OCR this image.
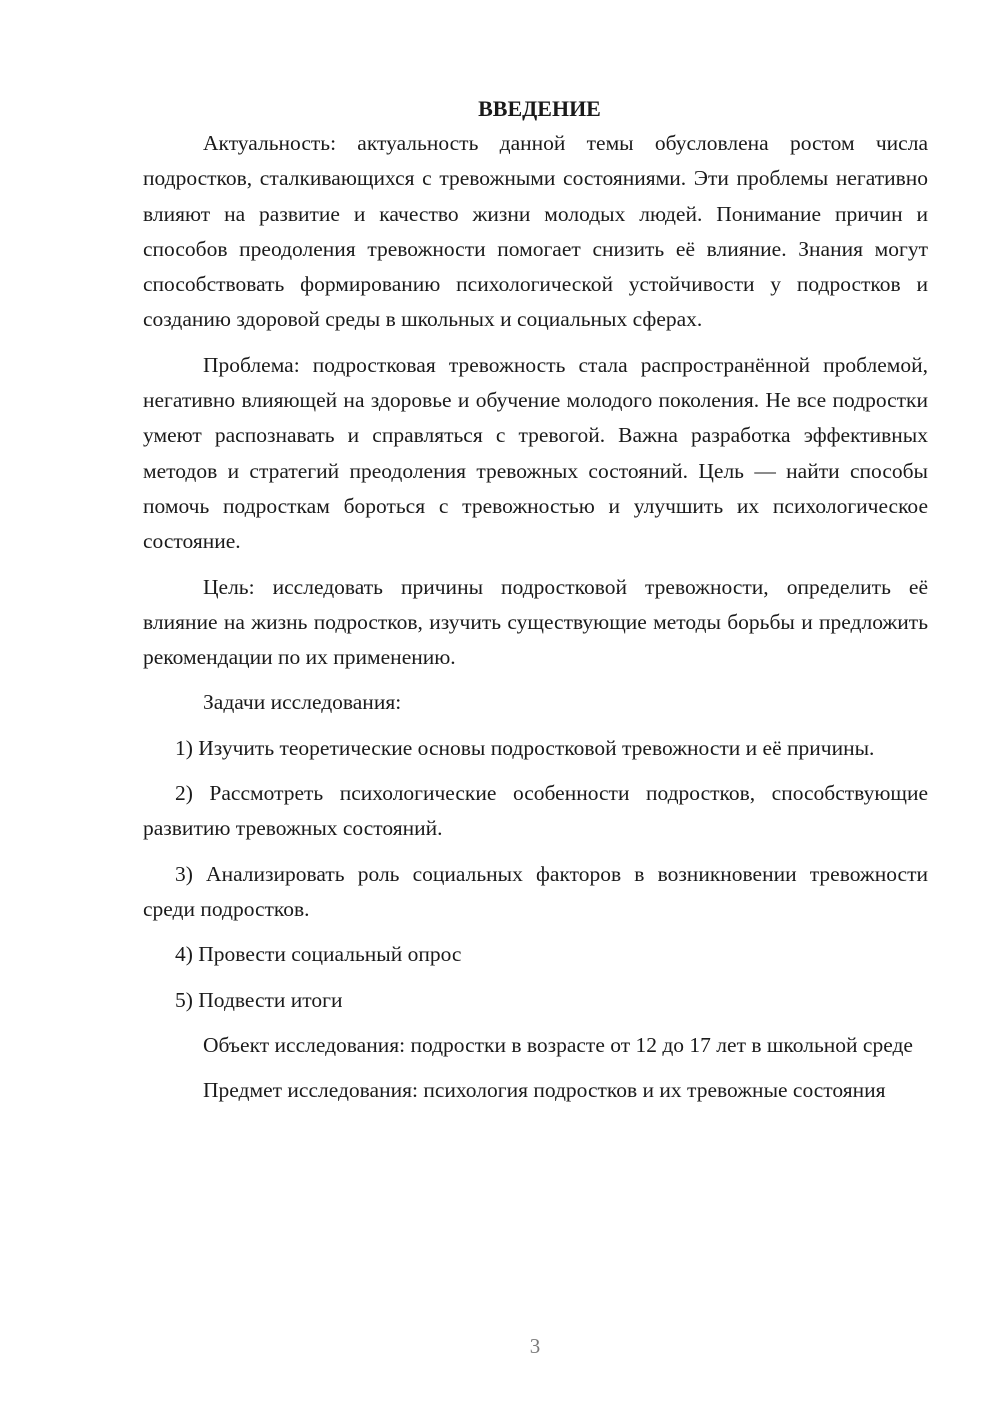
ВВЕДЕНИЕ

Актуальность: актуальность данной темы обусловлена ростом числа подростков, сталкивающихся с тревожными состояниями. Эти проблемы негативно влияют на развитие и качество жизни молодых людей. Понимание причин и способов преодоления тревожности помогает снизить её влияние. Знания могут способствовать формированию психологической устойчивости у подростков и созданию здоровой среды в школьных и социальных сферах.

Проблема: подростковая тревожность стала распространённой проблемой, негативно влияющей на здоровье и обучение молодого поколения. Не все подростки умеют распознавать и справляться с тревогой. Важна разработка эффективных методов и стратегий преодоления тревожных состояний. Цель — найти способы помочь подросткам бороться с тревожностью и улучшить их психологическое состояние.

Цель: исследовать причины подростковой тревожности, определить её влияние на жизнь подростков, изучить существующие методы борьбы и предложить рекомендации по их применению.

Задачи исследования:

1) Изучить теоретические основы подростковой тревожности и её причины.

2) Рассмотреть психологические особенности подростков, способствующие развитию тревожных состояний.

3) Анализировать роль социальных факторов в возникновении тревожности среди подростков.

4) Провести социальный опрос

5) Подвести итоги

Объект исследования: подростки в возрасте от 12 до 17 лет в школьной среде

Предмет исследования: психология подростков и их тревожные состояния

3
